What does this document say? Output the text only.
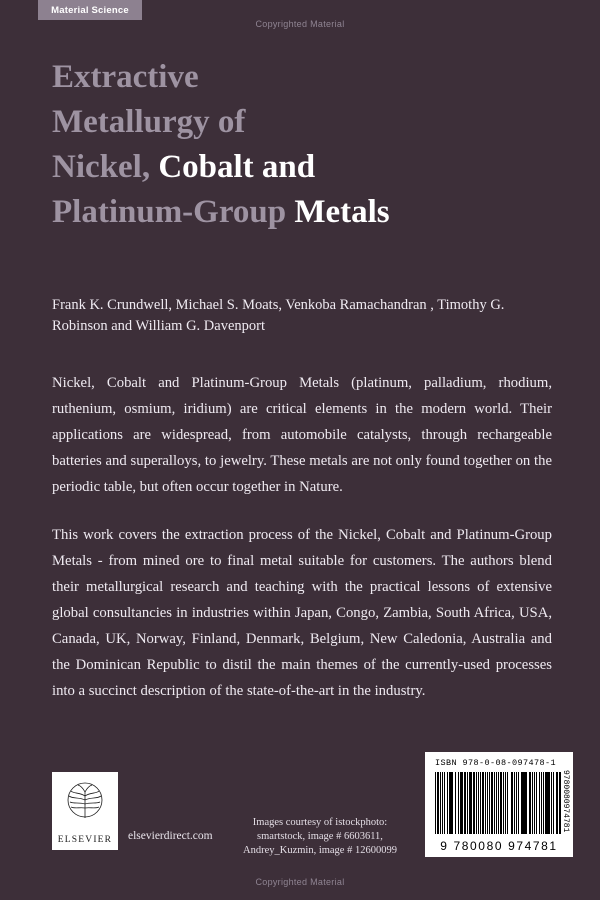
Material Science
Copyrighted Material
Extractive
Metallurgy of
Nickel, Cobalt and
Platinum-Group Metals
Frank K. Crundwell, Michael S. Moats, Venkoba Ramachandran , Timothy G. Robinson and William G. Davenport

Nickel, Cobalt and Platinum-Group Metals (platinum, palladium, rhodium, ruthenium, osmium, iridium) are critical elements in the modern world. Their applications are widespread, from automobile catalysts, through rechargeable batteries and superalloys, to jewelry. These metals are not only found together on the periodic table, but often occur together in Nature.

This work covers the extraction process of the Nickel, Cobalt and Platinum-Group Metals - from mined ore to final metal suitable for customers. The authors blend their metallurgical research and teaching with the practical lessons of extensive global consultancies in industries within Japan, Congo, Zambia, South Africa, USA, Canada, UK, Norway, Finland, Denmark, Belgium, New Caledonia, Australia and the Dominican Republic to distil the main themes of the currently-used processes into a succinct description of the state-of-the-art in the industry.

ELSEVIER	elsevierdirect.com
Images courtesy of istockphoto: smartstock, image # 6603611, Andrey_Kuzmin, image # 12600099
ISBN 978-0-08-097478-1
9780080974781
9 780080 974781
Copyrighted Material
